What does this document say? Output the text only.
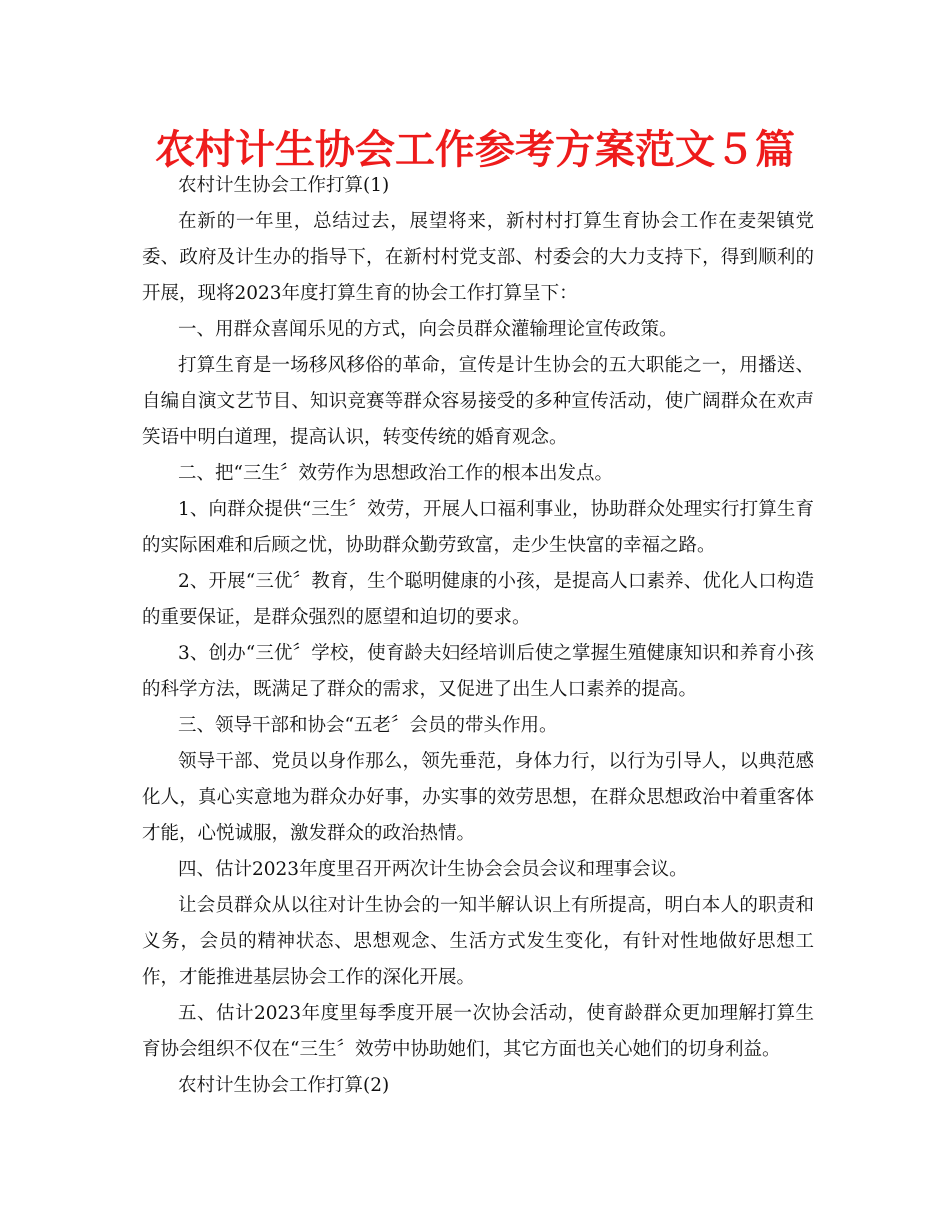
农村计生协会工作参考方案范文５篇

农村计生协会工作打算(1)

在新的一年里，总结过去，展望将来，新村村打算生育协会工作在麦架镇党委、政府及计生办的指导下，在新村村党支部、村委会的大力支持下，得到顺利的开展，现将2023年度打算生育的协会工作打算呈下：

一、用群众喜闻乐见的方式，向会员群众灌输理论宣传政策。

打算生育是一场移风移俗的革命，宣传是计生协会的五大职能之一，用播送、自编自演文艺节目、知识竞赛等群众容易接受的多种宣传活动，使广阔群众在欢声笑语中明白道理，提高认识，转变传统的婚育观念。

二、把“三生〞效劳作为思想政治工作的根本出发点。

1、向群众提供“三生〞效劳，开展人口福利事业，协助群众处理实行打算生育的实际困难和后顾之忧，协助群众勤劳致富，走少生快富的幸福之路。

2、开展“三优〞教育，生个聪明健康的小孩，是提高人口素养、优化人口构造的重要保证，是群众强烈的愿望和迫切的要求。

3、创办“三优〞学校，使育龄夫妇经培训后使之掌握生殖健康知识和养育小孩的科学方法，既满足了群众的需求，又促进了出生人口素养的提高。

三、领导干部和协会“五老〞会员的带头作用。

领导干部、党员以身作那么，领先垂范，身体力行，以行为引导人，以典范感化人，真心实意地为群众办好事，办实事的效劳思想，在群众思想政治中着重客体才能，心悦诚服，激发群众的政治热情。

四、估计2023年度里召开两次计生协会会员会议和理事会议。

让会员群众从以往对计生协会的一知半解认识上有所提高，明白本人的职责和义务，会员的精神状态、思想观念、生活方式发生变化，有针对性地做好思想工作，才能推进基层协会工作的深化开展。

五、估计2023年度里每季度开展一次协会活动，使育龄群众更加理解打算生育协会组织不仅在“三生〞效劳中协助她们，其它方面也关心她们的切身利益。

农村计生协会工作打算(2)
